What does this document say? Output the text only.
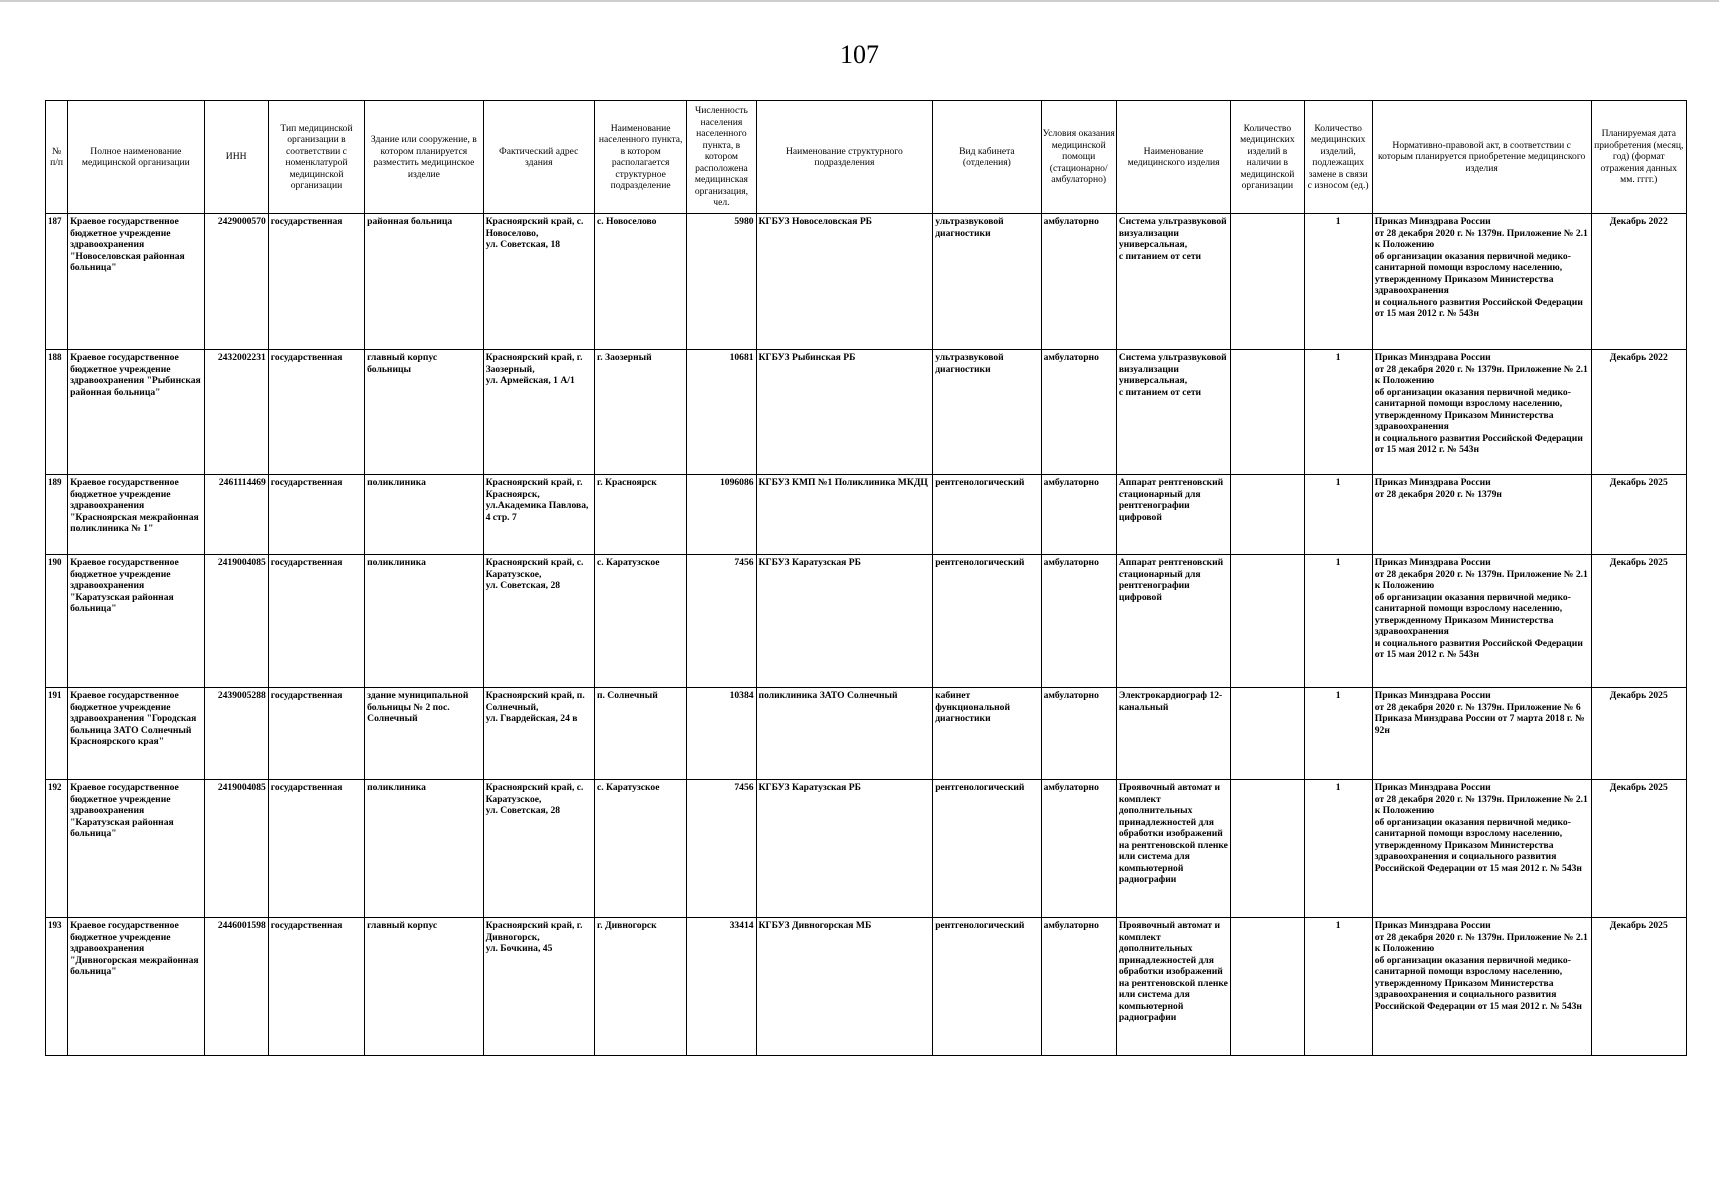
107
№ п/п	Полное наименование медицинской организации	ИНН	Тип медицинской организации в соответствии с номенклатурой медицинской организации	Здание или сооружение, в котором планируется разместить медицинское изделие	Фактический адрес здания	Наименование населенного пункта, в котором располагается структурное подразделение	Численность населения населенного пункта, в котором расположена медицинская организация, чел.	Наименование структурного подразделения	Вид кабинета (отделения)	Условия оказания медицинской помощи (стационарно/ амбулаторно)	Наименование медицинского изделия	Количество медицинских изделий в наличии в медицинской организации	Количество медицинских изделий, подлежащих замене в связи с износом (ед.)	Нормативно-правовой акт, в соответствии с которым планируется приобретение медицинского изделия	Планируемая дата приобретения (месяц, год) (формат отражения данных мм. гггг.)
187	Краевое государственное бюджетное учреждение здравоохранения "Новоселовская районная больница"	2429000570	государственная	районная больница	Красноярский край, с. Новоселово,
ул. Советская, 18	с. Новоселово	5980	КГБУЗ Новоселовская РБ	ультразвуковой диагностики	амбулаторно	Система ультразвуковой визуализации универсальная,
с питанием от сети		1	Приказ Минздрава России
от 28 декабря 2020 г. № 1379н. Приложение № 2.1 к Положению
об организации оказания первичной медико-санитарной помощи взрослому населению, утвержденному Приказом Министерства здравоохранения
и социального развития Российской Федерации от 15 мая 2012 г. № 543н	Декабрь 2022
188	Краевое государственное бюджетное учреждение здравоохранения "Рыбинская районная больница"	2432002231	государственная	главный корпус больницы	Красноярский край, г. Заозерный,
ул. Армейская, 1 А/1	г. Заозерный	10681	КГБУЗ Рыбинская РБ	ультразвуковой диагностики	амбулаторно	Система ультразвуковой визуализации универсальная,
с питанием от сети		1	Приказ Минздрава России
от 28 декабря 2020 г. № 1379н. Приложение № 2.1 к Положению
об организации оказания первичной медико-санитарной помощи взрослому населению, утвержденному Приказом Министерства здравоохранения
и социального развития Российской Федерации от 15 мая 2012 г. № 543н	Декабрь 2022
189	Краевое государственное бюджетное учреждение здравоохранения "Красноярская межрайонная поликлиника № 1"	2461114469	государственная	поликлиника	Красноярский край, г. Красноярск,
ул.Академика Павлова, 4 стр. 7	г. Красноярск	1096086	КГБУЗ КМП №1 Поликлиника МКДЦ	рентгенологический	амбулаторно	Аппарат рентгеновский стационарный для рентгенографии цифровой		1	Приказ Минздрава России
от 28 декабря 2020 г. № 1379н	Декабрь 2025
190	Краевое государственное бюджетное учреждение здравоохранения "Каратузская районная больница"	2419004085	государственная	поликлиника	Красноярский край, с. Каратузское,
ул. Советская, 28	с. Каратузское	7456	КГБУЗ Каратузская РБ	рентгенологический	амбулаторно	Аппарат рентгеновский стационарный для рентгенографии цифровой		1	Приказ Минздрава России
от 28 декабря 2020 г. № 1379н. Приложение № 2.1 к Положению
об организации оказания первичной медико-санитарной помощи взрослому населению, утвержденному Приказом Министерства здравоохранения
и социального развития Российской Федерации от 15 мая 2012 г. № 543н	Декабрь 2025
191	Краевое государственное бюджетное учреждение здравоохранения "Городская больница ЗАТО Солнечный Красноярского края"	2439005288	государственная	здание муниципальной больницы № 2 пос. Солнечный	Красноярский край, п. Солнечный,
ул. Гвардейская, 24 в	п. Солнечный	10384	поликлиника ЗАТО Солнечный	кабинет функциональной диагностики	амбулаторно	Электрокардиограф 12-канальный		1	Приказ Минздрава России
от 28 декабря 2020 г. № 1379н. Приложение № 6 Приказа Минздрава России от 7 марта 2018 г. № 92н	Декабрь 2025
192	Краевое государственное бюджетное учреждение здравоохранения "Каратузская районная больница"	2419004085	государственная	поликлиника	Красноярский край, с. Каратузское,
ул. Советская, 28	с. Каратузское	7456	КГБУЗ Каратузская РБ	рентгенологический	амбулаторно	Проявочный автомат и комплект дополнительных принадлежностей для обработки изображений на рентгеновской пленке или система для компьютерной радиографии		1	Приказ Минздрава России
от 28 декабря 2020 г. № 1379н. Приложение № 2.1 к Положению
об организации оказания первичной медико-санитарной помощи взрослому населению, утвержденному Приказом Министерства здравоохранения и социального развития Российской Федерации от 15 мая 2012 г. № 543н	Декабрь 2025
193	Краевое государственное бюджетное учреждение здравоохранения "Дивногорская межрайонная больница"	2446001598	государственная	главный корпус	Красноярский край, г. Дивногорск,
ул. Бочкина, 45	г. Дивногорск	33414	КГБУЗ Дивногорская МБ	рентгенологический	амбулаторно	Проявочный автомат и комплект дополнительных принадлежностей для обработки изображений на рентгеновской пленке или система для компьютерной радиографии		1	Приказ Минздрава России
от 28 декабря 2020 г. № 1379н. Приложение № 2.1 к Положению
об организации оказания первичной медико-санитарной помощи взрослому населению, утвержденному Приказом Министерства здравоохранения и социального развития Российской Федерации от 15 мая 2012 г. № 543н	Декабрь 2025
